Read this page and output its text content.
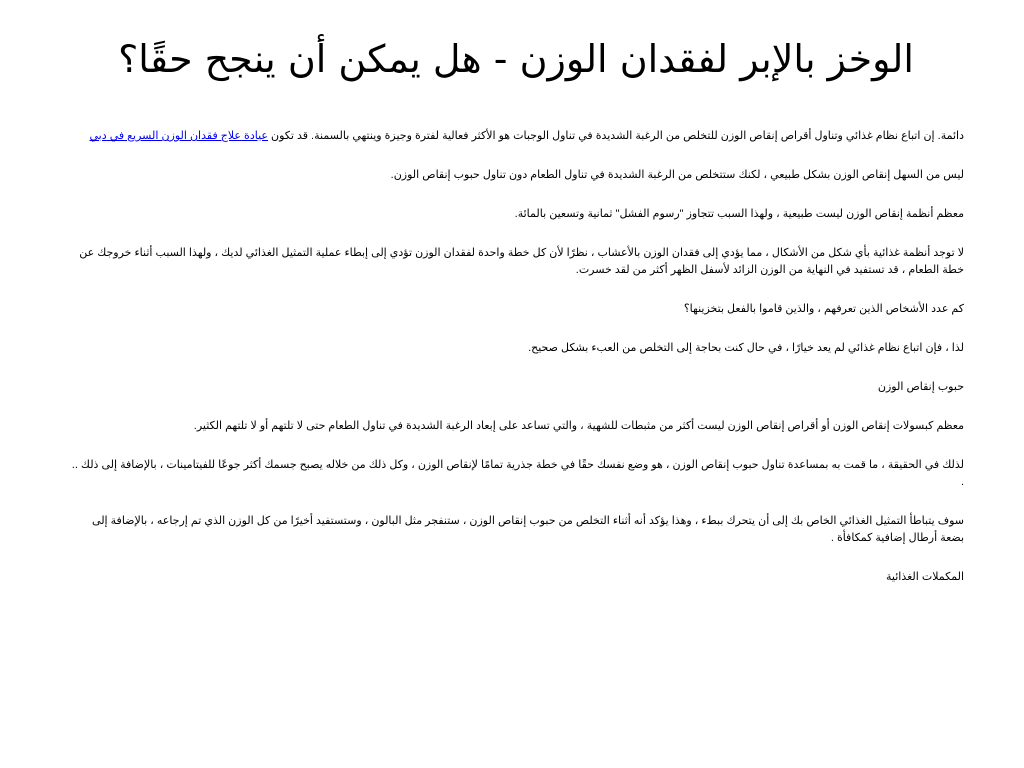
الوخز بالإبر لفقدان الوزن - هل يمكن أن ينجح حقًا؟

دائمة. إن اتباع نظام غذائي وتناول أقراص إنقاص الوزن للتخلص من الرغبة الشديدة في تناول الوجبات هو الأكثر فعالية لفترة وجيزة وينتهي بالسمنة. قد تكون عيادة علاج فقدان الوزن السريع في دبي

ليس من السهل إنقاص الوزن بشكل طبيعي ، لكنك ستتخلص من الرغبة الشديدة في تناول الطعام دون تناول حبوب إنقاص الوزن.

معظم أنظمة إنقاص الوزن ليست طبيعية ، ولهذا السبب تتجاوز "رسوم الفشل" ثمانية وتسعين بالمائة.

لا توجد أنظمة غذائية بأي شكل من الأشكال ، مما يؤدي إلى فقدان الوزن بالأعشاب ، نظرًا لأن كل خطة واحدة لفقدان الوزن تؤدي إلى إبطاء عملية التمثيل الغذائي لديك ، ولهذا السبب أثناء خروجك عن خطة الطعام ، قد تستفيد في النهاية من الوزن الزائد لأسفل الظهر أكثر من لقد خسرت.

كم عدد الأشخاص الذين تعرفهم ، والذين قاموا بالفعل بتخزينها؟

لذا ، فإن اتباع نظام غذائي لم يعد خيارًا ، في حال كنت بحاجة إلى التخلص من العبء بشكل صحيح.

حبوب إنقاص الوزن

معظم كبسولات إنقاص الوزن أو أقراص إنقاص الوزن ليست أكثر من مثبطات للشهية ، والتي تساعد على إبعاد الرغبة الشديدة في تناول الطعام حتى لا تلتهم أو لا تلتهم الكثير.

لذلك في الحقيقة ، ما قمت به بمساعدة تناول حبوب إنقاص الوزن ، هو وضع نفسك حقًا في خطة جذرية تمامًا لإنقاص الوزن ، وكل ذلك من خلاله يصبح جسمك أكثر جوعًا للفيتامينات ، بالإضافة إلى ذلك .. .

سوف يتباطأ التمثيل الغذائي الخاص بك إلى أن يتحرك ببطء ، وهذا يؤكد أنه أثناء التخلص من حبوب إنقاص الوزن ، ستنفجر مثل البالون ، وستستفيد أخيرًا من كل الوزن الذي تم إرجاعه ، بالإضافة إلى بضعة أرطال إضافية كمكافأة .

المكملات الغذائية
